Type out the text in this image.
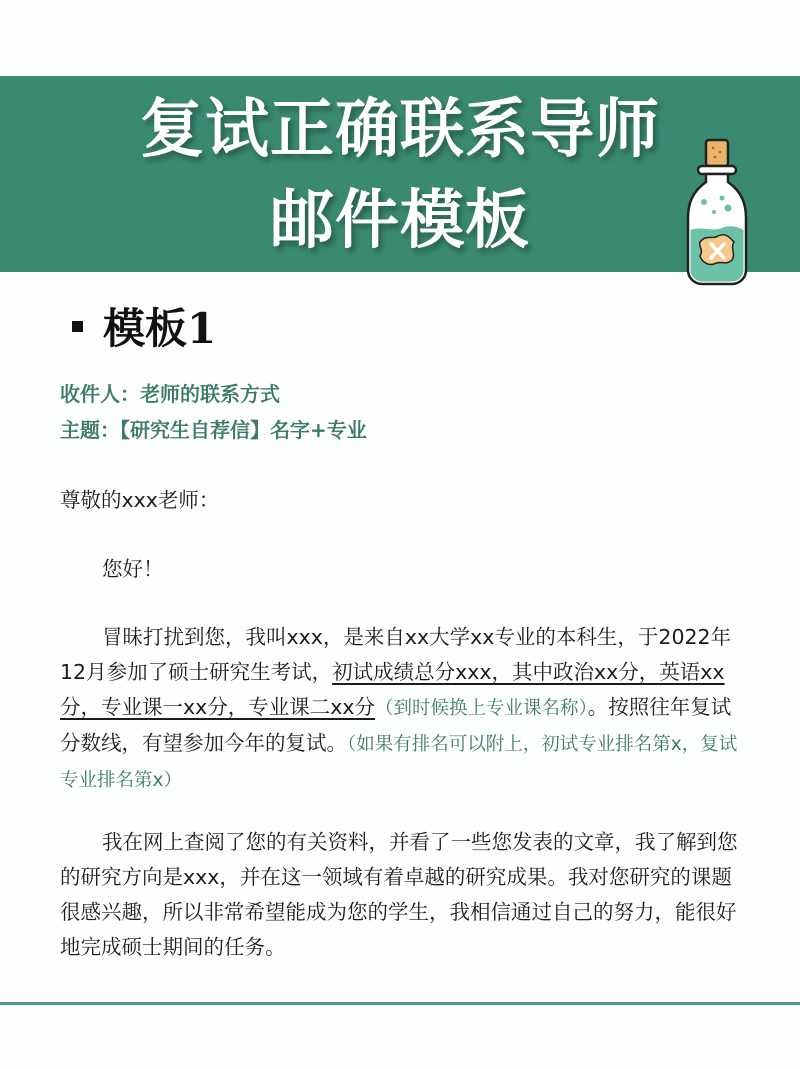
复试正确联系导师
邮件模板
模板1
收件人：老师的联系方式
主题：【研究生自荐信】名字+专业
尊敬的xxx老师：
您好！
冒昧打扰到您，我叫xxx，是来自xx大学xx专业的本科生，于2022年12月参加了硕士研究生考试，初试成绩总分xxx，其中政治xx分，英语xx分，专业课一xx分，专业课二xx分（到时候换上专业课名称）。按照往年复试分数线，有望参加今年的复试。（如果有排名可以附上，初试专业排名第x，复试专业排名第x）
我在网上查阅了您的有关资料，并看了一些您发表的文章，我了解到您的研究方向是xxx，并在这一领域有着卓越的研究成果。我对您研究的课题很感兴趣，所以非常希望能成为您的学生，我相信通过自己的努力，能很好地完成硕士期间的任务。
